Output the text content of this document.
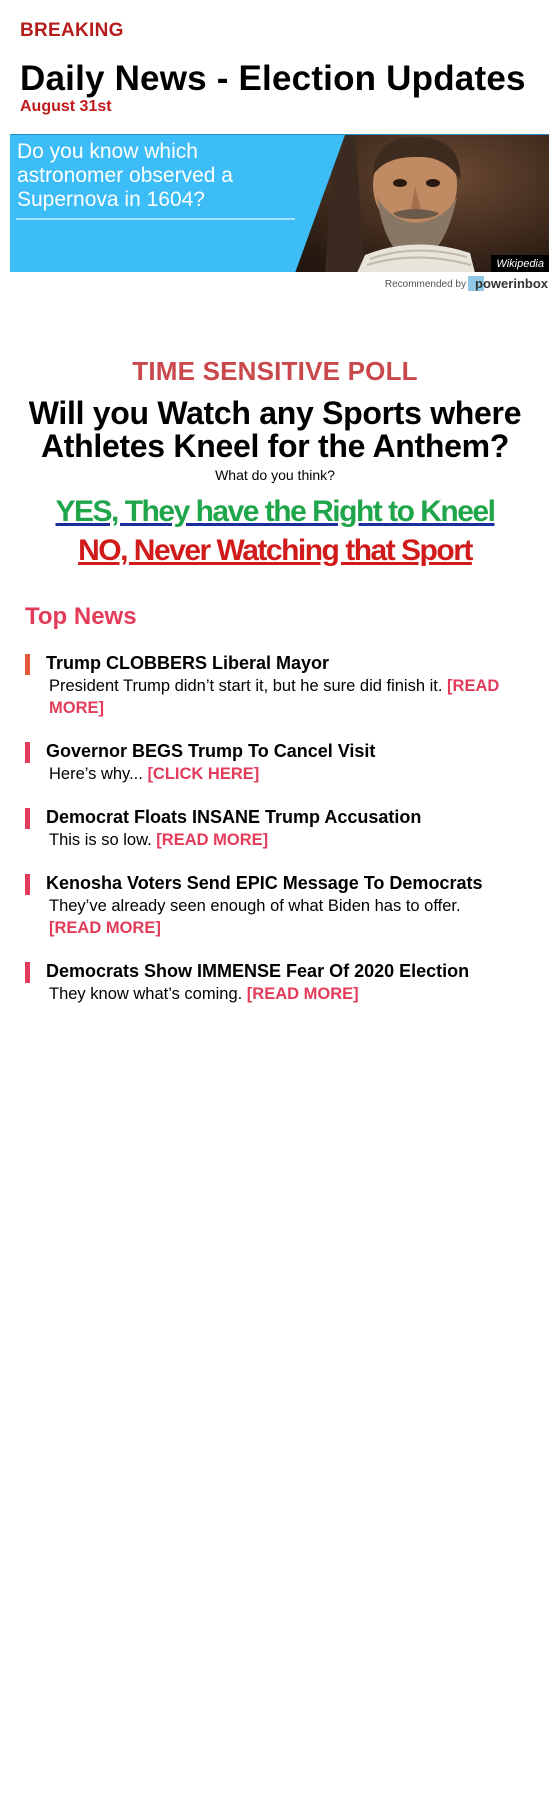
BREAKING
Daily News - Election Updates
August 31st
Do you know which astronomer observed a Supernova in 1604?
Wikipedia
Recommended by powerinbox
TIME SENSITIVE POLL
Will you Watch any Sports where Athletes Kneel for the Anthem?
What do you think?
YES, They have the Right to Kneel
NO, Never Watching that Sport
Top News
Trump CLOBBERS Liberal Mayor
President Trump didn’t start it, but he sure did finish it. [READ MORE]
Governor BEGS Trump To Cancel Visit
Here’s why... [CLICK HERE]
Democrat Floats INSANE Trump Accusation
This is so low. [READ MORE]
Kenosha Voters Send EPIC Message To Democrats
They’ve already seen enough of what Biden has to offer. [READ MORE]
Democrats Show IMMENSE Fear Of 2020 Election
They know what’s coming. [READ MORE]
